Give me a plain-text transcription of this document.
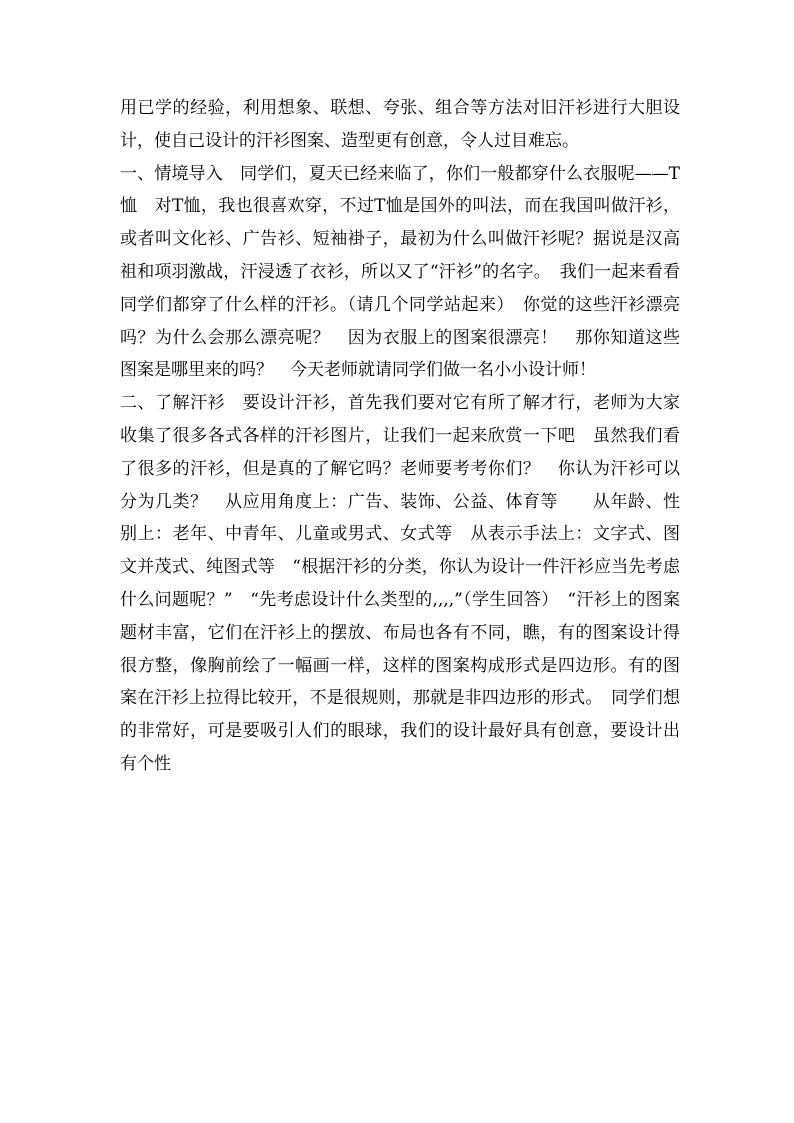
用已学的经验，利用想象、联想、夸张、组合等方法对旧汗衫进行大胆设计，使自己设计的汗衫图案、造型更有创意，令人过目难忘。

一、情境导入　同学们，夏天已经来临了，你们一般都穿什么衣服呢——T恤　对T恤，我也很喜欢穿，不过T恤是国外的叫法，而在我国叫做汗衫，或者叫文化衫、广告衫、短袖褂子，最初为什么叫做汗衫呢？据说是汉高祖和项羽激战，汗浸透了衣衫，所以又了“汗衫”的名字。　我们一起来看看同学们都穿了什么样的汗衫。（请几个同学站起来）　你觉的这些汗衫漂亮吗？为什么会那么漂亮呢？　因为衣服上的图案很漂亮！　那你知道这些图案是哪里来的吗？　今天老师就请同学们做一名小小设计师！

二、了解汗衫　要设计汗衫，首先我们要对它有所了解才行，老师为大家收集了很多各式各样的汗衫图片，让我们一起来欣赏一下吧　虽然我们看了很多的汗衫，但是真的了解它吗？老师要考考你们？　你认为汗衫可以分为几类？　从应用角度上：广告、装饰、公益、体育等　　从年龄、性别上：老年、中青年、儿童或男式、女式等　从表示手法上：文字式、图文并茂式、纯图式等　“根据汗衫的分类，你认为设计一件汗衫应当先考虑什么问题呢？”　“先考虑设计什么类型的,,,,”（学生回答）　“汗衫上的图案题材丰富，它们在汗衫上的摆放、布局也各有不同，瞧，有的图案设计得很方整，像胸前绘了一幅画一样，这样的图案构成形式是四边形。有的图案在汗衫上拉得比较开，不是很规则，那就是非四边形的形式。　同学们想的非常好，可是要吸引人们的眼球，我们的设计最好具有创意，要设计出有个性
